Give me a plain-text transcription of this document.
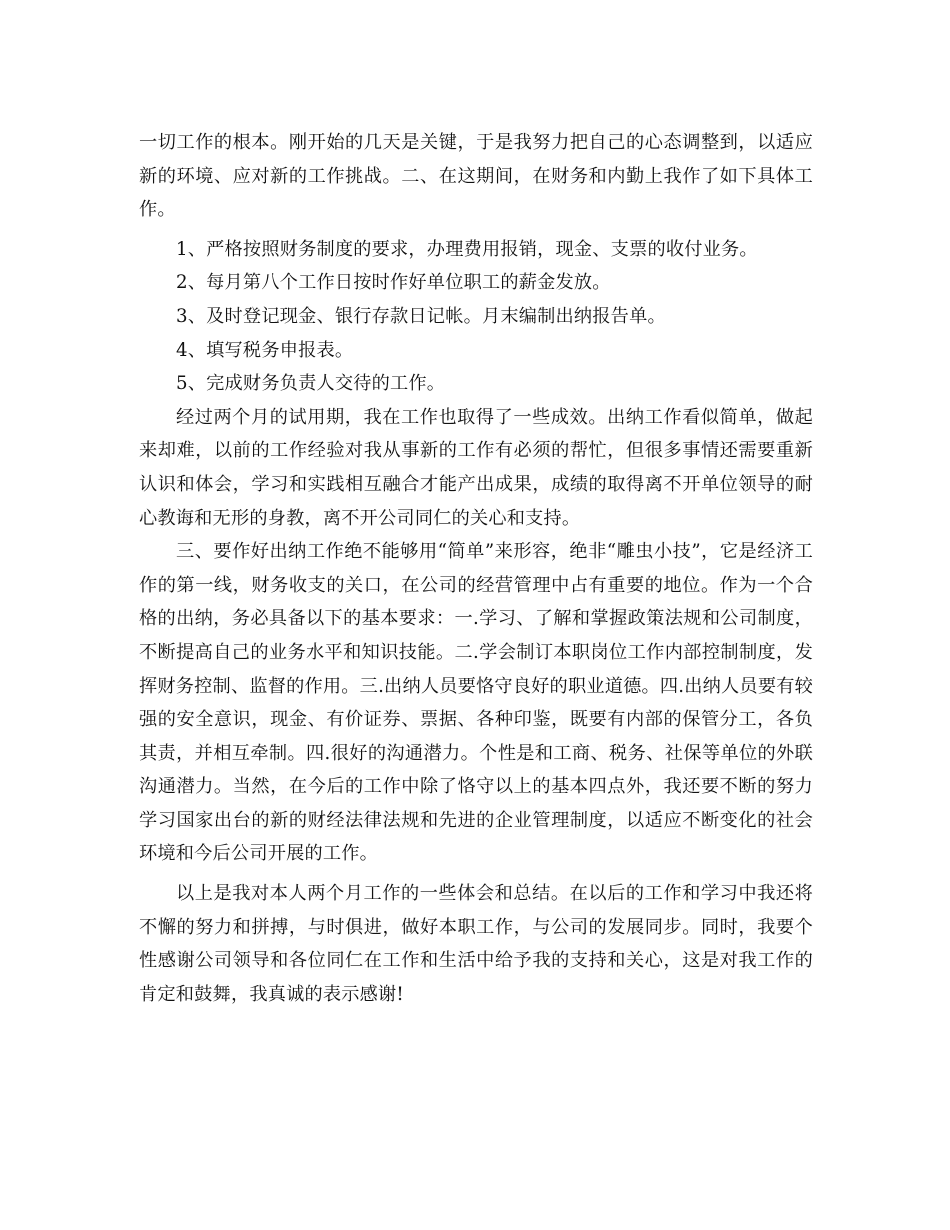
一切工作的根本。刚开始的几天是关键，于是我努力把自己的心态调整到，以适应新的环境、应对新的工作挑战。二、在这期间，在财务和内勤上我作了如下具体工作。

1、严格按照财务制度的要求，办理费用报销，现金、支票的收付业务。

2、每月第八个工作日按时作好单位职工的薪金发放。

3、及时登记现金、银行存款日记帐。月末编制出纳报告单。

4、填写税务申报表。

5、完成财务负责人交待的工作。

经过两个月的试用期，我在工作也取得了一些成效。出纳工作看似简单，做起来却难，以前的工作经验对我从事新的工作有必须的帮忙，但很多事情还需要重新认识和体会，学习和实践相互融合才能产出成果，成绩的取得离不开单位领导的耐心教诲和无形的身教，离不开公司同仁的关心和支持。

三、要作好出纳工作绝不能够用“简单”来形容，绝非“雕虫小技”，它是经济工作的第一线，财务收支的关口，在公司的经营管理中占有重要的地位。作为一个合格的出纳，务必具备以下的基本要求：一.学习、了解和掌握政策法规和公司制度，不断提高自己的业务水平和知识技能。二.学会制订本职岗位工作内部控制制度，发挥财务控制、监督的作用。三.出纳人员要恪守良好的职业道德。四.出纳人员要有较强的安全意识，现金、有价证券、票据、各种印鉴，既要有内部的保管分工，各负其责，并相互牵制。四.很好的沟通潜力。个性是和工商、税务、社保等单位的外联沟通潜力。当然，在今后的工作中除了恪守以上的基本四点外，我还要不断的努力学习国家出台的新的财经法律法规和先进的企业管理制度，以适应不断变化的社会环境和今后公司开展的工作。

以上是我对本人两个月工作的一些体会和总结。在以后的工作和学习中我还将不懈的努力和拼搏，与时俱进，做好本职工作，与公司的发展同步。同时，我要个性感谢公司领导和各位同仁在工作和生活中给予我的支持和关心，这是对我工作的肯定和鼓舞，我真诚的表示感谢!
